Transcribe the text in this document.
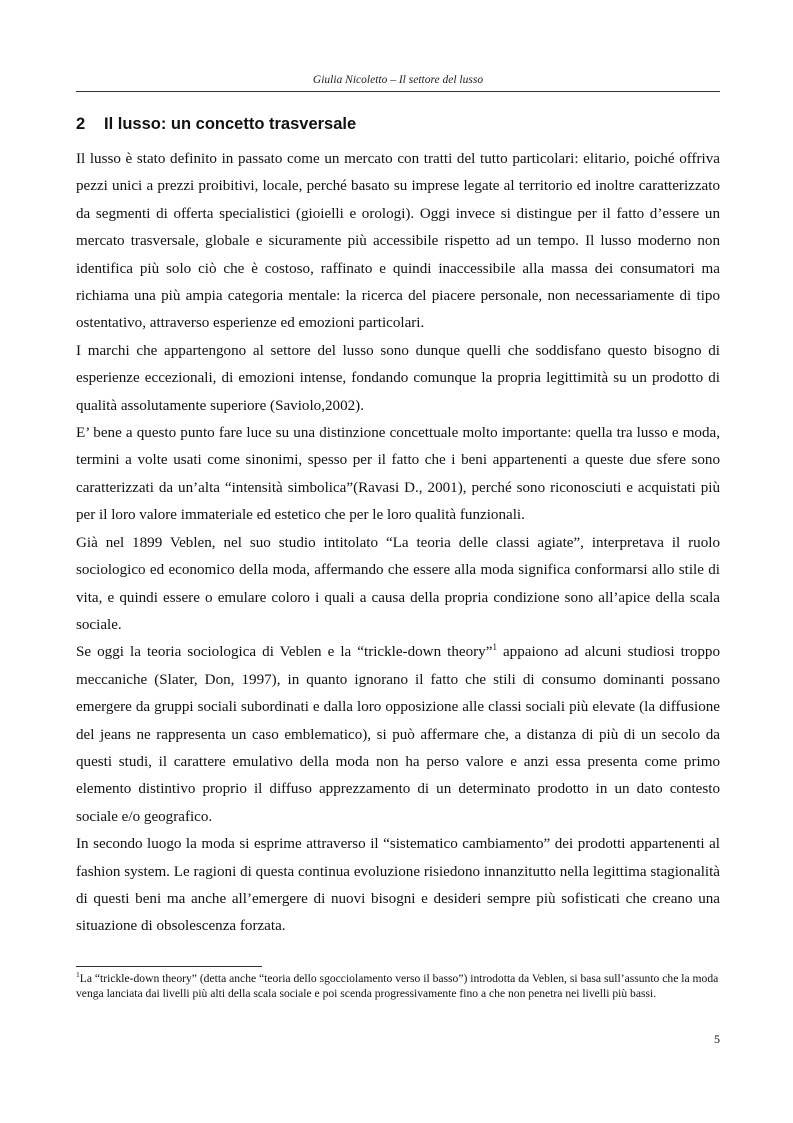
Giulia Nicoletto – Il settore del lusso
2 Il lusso: un concetto trasversale

Il lusso è stato definito in passato come un mercato con tratti del tutto particolari: elitario, poiché offriva pezzi unici a prezzi proibitivi, locale, perché basato su imprese legate al territorio ed inoltre caratterizzato da segmenti di offerta specialistici (gioielli e orologi). Oggi invece si distingue per il fatto d’essere un mercato trasversale, globale e sicuramente più accessibile rispetto ad un tempo. Il lusso moderno non identifica più solo ciò che è costoso, raffinato e quindi inaccessibile alla massa dei consumatori ma richiama una più ampia categoria mentale: la ricerca del piacere personale, non necessariamente di tipo ostentativo, attraverso esperienze ed emozioni particolari.

I marchi che appartengono al settore del lusso sono dunque quelli che soddisfano questo bisogno di esperienze eccezionali, di emozioni intense, fondando comunque la propria legittimità su un prodotto di qualità assolutamente superiore (Saviolo,2002).

E’ bene a questo punto fare luce su una distinzione concettuale molto importante: quella tra lusso e moda, termini a volte usati come sinonimi, spesso per il fatto che i beni appartenenti a queste due sfere sono caratterizzati da un’alta “intensità simbolica”(Ravasi D., 2001), perché sono riconosciuti e acquistati più per il loro valore immateriale ed estetico che per le loro qualità funzionali.

Già nel 1899 Veblen, nel suo studio intitolato “La teoria delle classi agiate”, interpretava il ruolo sociologico ed economico della moda, affermando che essere alla moda significa conformarsi allo stile di vita, e quindi essere o emulare coloro i quali a causa della propria condizione sono all’apice della scala sociale.

Se oggi la teoria sociologica di Veblen e la “trickle-down theory”$^1$ appaiono ad alcuni studiosi troppo meccaniche (Slater, Don, 1997), in quanto ignorano il fatto che stili di consumo dominanti possano emergere da gruppi sociali subordinati e dalla loro opposizione alle classi sociali più elevate (la diffusione del jeans ne rappresenta un caso emblematico), si può affermare che, a distanza di più di un secolo da questi studi, il carattere emulativo della moda non ha perso valore e anzi essa presenta come primo elemento distintivo proprio il diffuso apprezzamento di un determinato prodotto in un dato contesto sociale e/o geografico.

In secondo luogo la moda si esprime attraverso il “sistematico cambiamento” dei prodotti appartenenti al fashion system. Le ragioni di questa continua evoluzione risiedono innanzitutto nella legittima stagionalità di questi beni ma anche all’emergere di nuovi bisogni e desideri sempre più sofisticati che creano una situazione di obsolescenza forzata.

$^1$La “trickle-down theory” (detta anche “teoria dello sgocciolamento verso il basso”) introdotta da Veblen, si basa sull’assunto che la moda venga lanciata dai livelli più alti della scala sociale e poi scenda progressivamente fino a che non penetra nei livelli più bassi.
5
